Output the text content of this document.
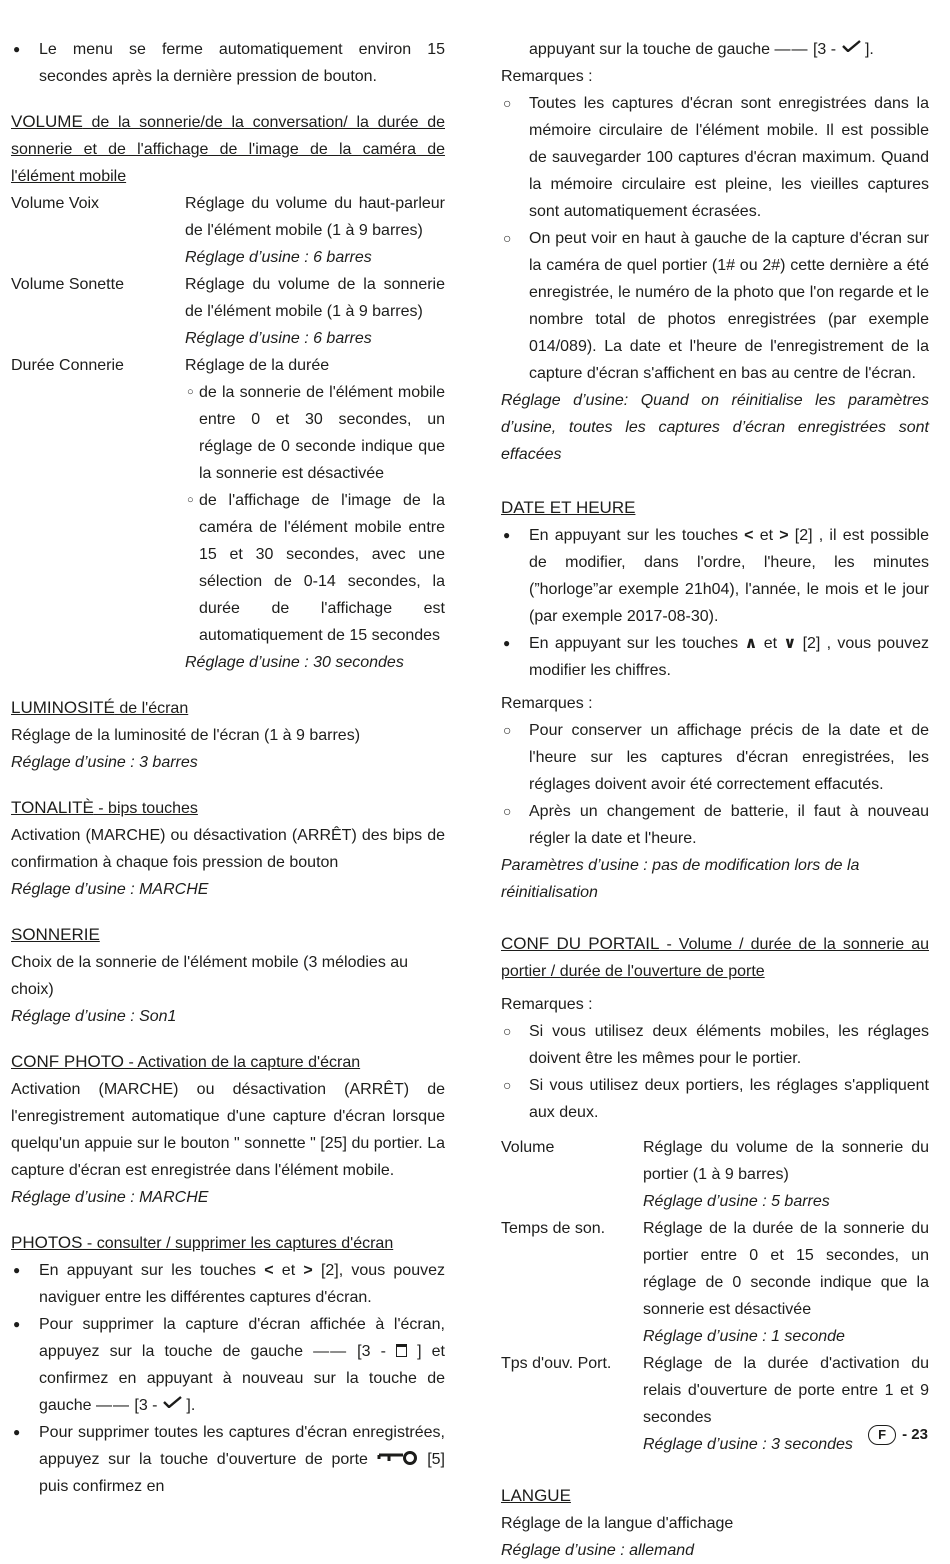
●	Le menu se ferme automatiquement environ 15 secondes après la dernière pression de bouton.

VOLUME de la sonnerie/de la conversation/ la durée de sonnerie et de l'affichage de l'image de la caméra de l'élément mobile

Volume Voix	Réglage du volume du haut-parleur de l'élément mobile (1 à 9 barres)

Réglage d’usine : 6 barres

Volume Sonette	Réglage du volume de la sonnerie de l'élément mobile (1 à 9 barres)

Réglage d’usine : 6 barres

Durée Connerie	Réglage de la durée

○ de la sonnerie de l'élément mobile entre 0 et 30 secondes, un réglage de 0 seconde indique que la sonnerie est désactivée
○ de l'affichage de l'image de la caméra de l'élément mobile entre 15 et 30 secondes, avec une sélection de 0-14 secondes, la durée de l'affichage est automatiquement de 15 secondes

Réglage d’usine : 30 secondes

LUMINOSITÉ de l'écran

Réglage de la luminosité de l'écran (1 à 9 barres)

Réglage d’usine : 3 barres

TONALITÈ - bips touches

Activation (MARCHE) ou désactivation (ARRÊT) des bips de confirmation à chaque fois pression de bouton

Réglage d’usine : MARCHE

SONNERIE

Choix de la sonnerie de l'élément mobile (3 mélodies au choix)

Réglage d’usine : Son1

CONF PHOTO - Activation de la capture d'écran

Activation (MARCHE) ou désactivation (ARRÊT) de l'enregistrement automatique d'une capture d'écran lorsque quelqu'un appuie sur le bouton " sonnette " [25] du portier. La capture d'écran est enregistrée dans l'élément mobile.

Réglage d’usine : MARCHE

PHOTOS - consulter / supprimer les captures d'écran

●	En appuyant sur les touches < et > [2], vous pouvez naviguer entre les différentes captures d'écran.
●	Pour supprimer la capture d'écran affichée à l'écran, appuyez sur la touche de gauche —— [3 -  ] et confirmez en appuyant à nouveau sur la touche de gauche —— [3 -  ].
●	Pour supprimer toutes les captures d'écran enregistrées, appuyez sur la touche d'ouverture de porte	[5] puis confirmez en

appuyant sur la touche de gauche —— [3 -  ].

Remarques :

○	Toutes les captures d'écran sont enregistrées dans la mémoire circulaire de l'élément mobile. Il est possible de sauvegarder 100 captures d'écran maximum. Quand la mémoire circulaire est pleine, les vieilles captures sont automatiquement écrasées.
○	On peut voir en haut à gauche de la capture d'écran sur la caméra de quel portier (1# ou 2#) cette dernière a été enregistrée, le numéro de la photo que l'on regarde et le nombre total de photos enregistrées (par exemple 014/089). La date et l'heure de l'enregistrement de la capture d'écran s'affichent en bas au centre de l'écran.

Réglage d’usine: Quand on réinitialise les paramètres d’usine, toutes les captures d’écran enregistrées sont effacées

DATE ET HEURE

●	En appuyant sur les touches < et > [2] , il est possible de modifier, dans l'ordre, l'heure, les minutes (”horloge”ar exemple 21h04), l'année, le mois et le jour (par exemple 2017-08-30).
●	En appuyant sur les touches ∧ et ∨ [2] , vous pouvez modifier les chiffres.

Remarques :

○	Pour conserver un affichage précis de la date et de l'heure sur les captures d'écran enregistrées, les réglages doivent avoir été correctement effacutés.
○	Après un changement de batterie, il faut à nouveau régler la date et l'heure.

Paramètres d’usine : pas de modification lors de la réinitialisation

CONF DU PORTAIL - Volume / durée de la sonnerie au portier / durée de l'ouverture de porte

Remarques :

○	Si vous utilisez deux éléments mobiles, les réglages doivent être les mêmes pour le portier.
○	Si vous utilisez deux portiers, les réglages s'appliquent aux deux.
Volume	Réglage du volume de la sonnerie du portier (1 à 9 barres)

Réglage d’usine : 5 barres

Temps de son.	Réglage de la durée de la sonnerie du portier entre 0 et 15 secondes, un réglage de 0 seconde indique que la sonnerie est désactivée

Réglage d’usine : 1 seconde

Tps d'ouv. Port.	Réglage de la durée d'activation du relais d'ouverture de porte entre 1 et 9 secondes

Réglage d’usine : 3 secondes

LANGUE

Réglage de la langue d'affichage

Réglage d’usine : allemand

F	- 23
